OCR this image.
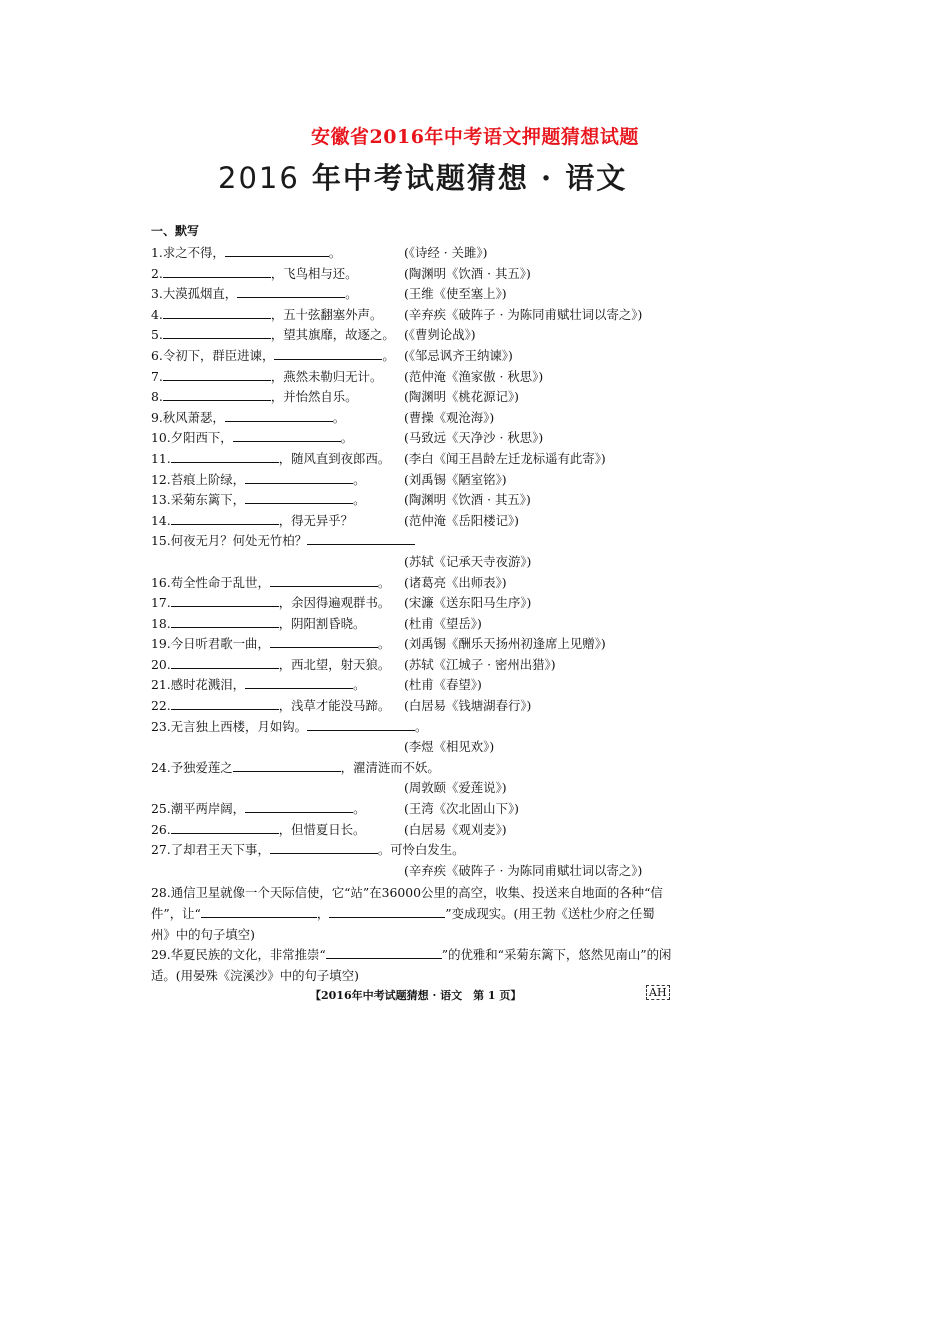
安徽省2016年中考语文押题猜想试题
2016 年中考试题猜想 · 语文
一、默写
1.求之不得，	。	(《诗经 · 关雎》)
2.	，飞鸟相与还。	(陶渊明《饮酒 · 其五》)
3.大漠孤烟直，	。	(王维《使至塞上》)
4.	，五十弦翻塞外声。 (辛弃疾《破阵子 · 为陈同甫赋壮词以寄之》)
5.	，望其旗靡，故逐之。 (《曹刿论战》)
6.令初下，群臣进谏，	。 (《邹忌讽齐王纳谏》)
7.	，燕然未勒归无计。 (范仲淹《渔家傲 · 秋思》)
8.	，并怡然自乐。	(陶渊明《桃花源记》)
9.秋风萧瑟，	。	(曹操《观沧海》)
10.夕阳西下，	。	(马致远《天净沙 · 秋思》)
11.	，随风直到夜郎西。 (李白《闻王昌龄左迁龙标遥有此寄》)
12.苔痕上阶绿，	。	(刘禹锡《陋室铭》)
13.采菊东篱下，	。	(陶渊明《饮酒 · 其五》)
14.	，得无异乎？	(范仲淹《岳阳楼记》)
15.何夜无月？何处无竹柏？
(苏轼《记承天寺夜游》)
16.苟全性命于乱世，	。 (诸葛亮《出师表》)
17.	，余因得遍观群书。 (宋濂《送东阳马生序》)
18.	，阴阳割昏晓。	(杜甫《望岳》)
19.今日听君歌一曲，	。 (刘禹锡《酬乐天扬州初逢席上见赠》)
20.	，西北望，射天狼。 (苏轼《江城子 · 密州出猎》)
21.感时花溅泪，	。	(杜甫《春望》)
22.	，浅草才能没马蹄。 (白居易《钱塘湖春行》)
23.无言独上西楼，月如钩。	。
(李煜《相见欢》)
24.予独爱莲之	，濯清涟而不妖。
(周敦颐《爱莲说》)
25.潮平两岸阔，	。	(王湾《次北固山下》)
26.	，但惜夏日长。	(白居易《观刈麦》)
27.了却君王天下事，	。可怜白发生。
(辛弃疾《破阵子 · 为陈同甫赋壮词以寄之》)
28.通信卫星就像一个天际信使，它“站”在36000公里的高空，收集、投送来自地面的各种“信件”，让“	，	”变成现实。(用王勃《送杜少府之任蜀州》中的句子填空)
29.华夏民族的文化，非常推崇“	”的优雅和“采菊东篱下，悠然见南山”的闲适。(用晏殊《浣溪沙》中的句子填空)
【2016年中考试题猜想 · 语文　第 1 页】	AH
